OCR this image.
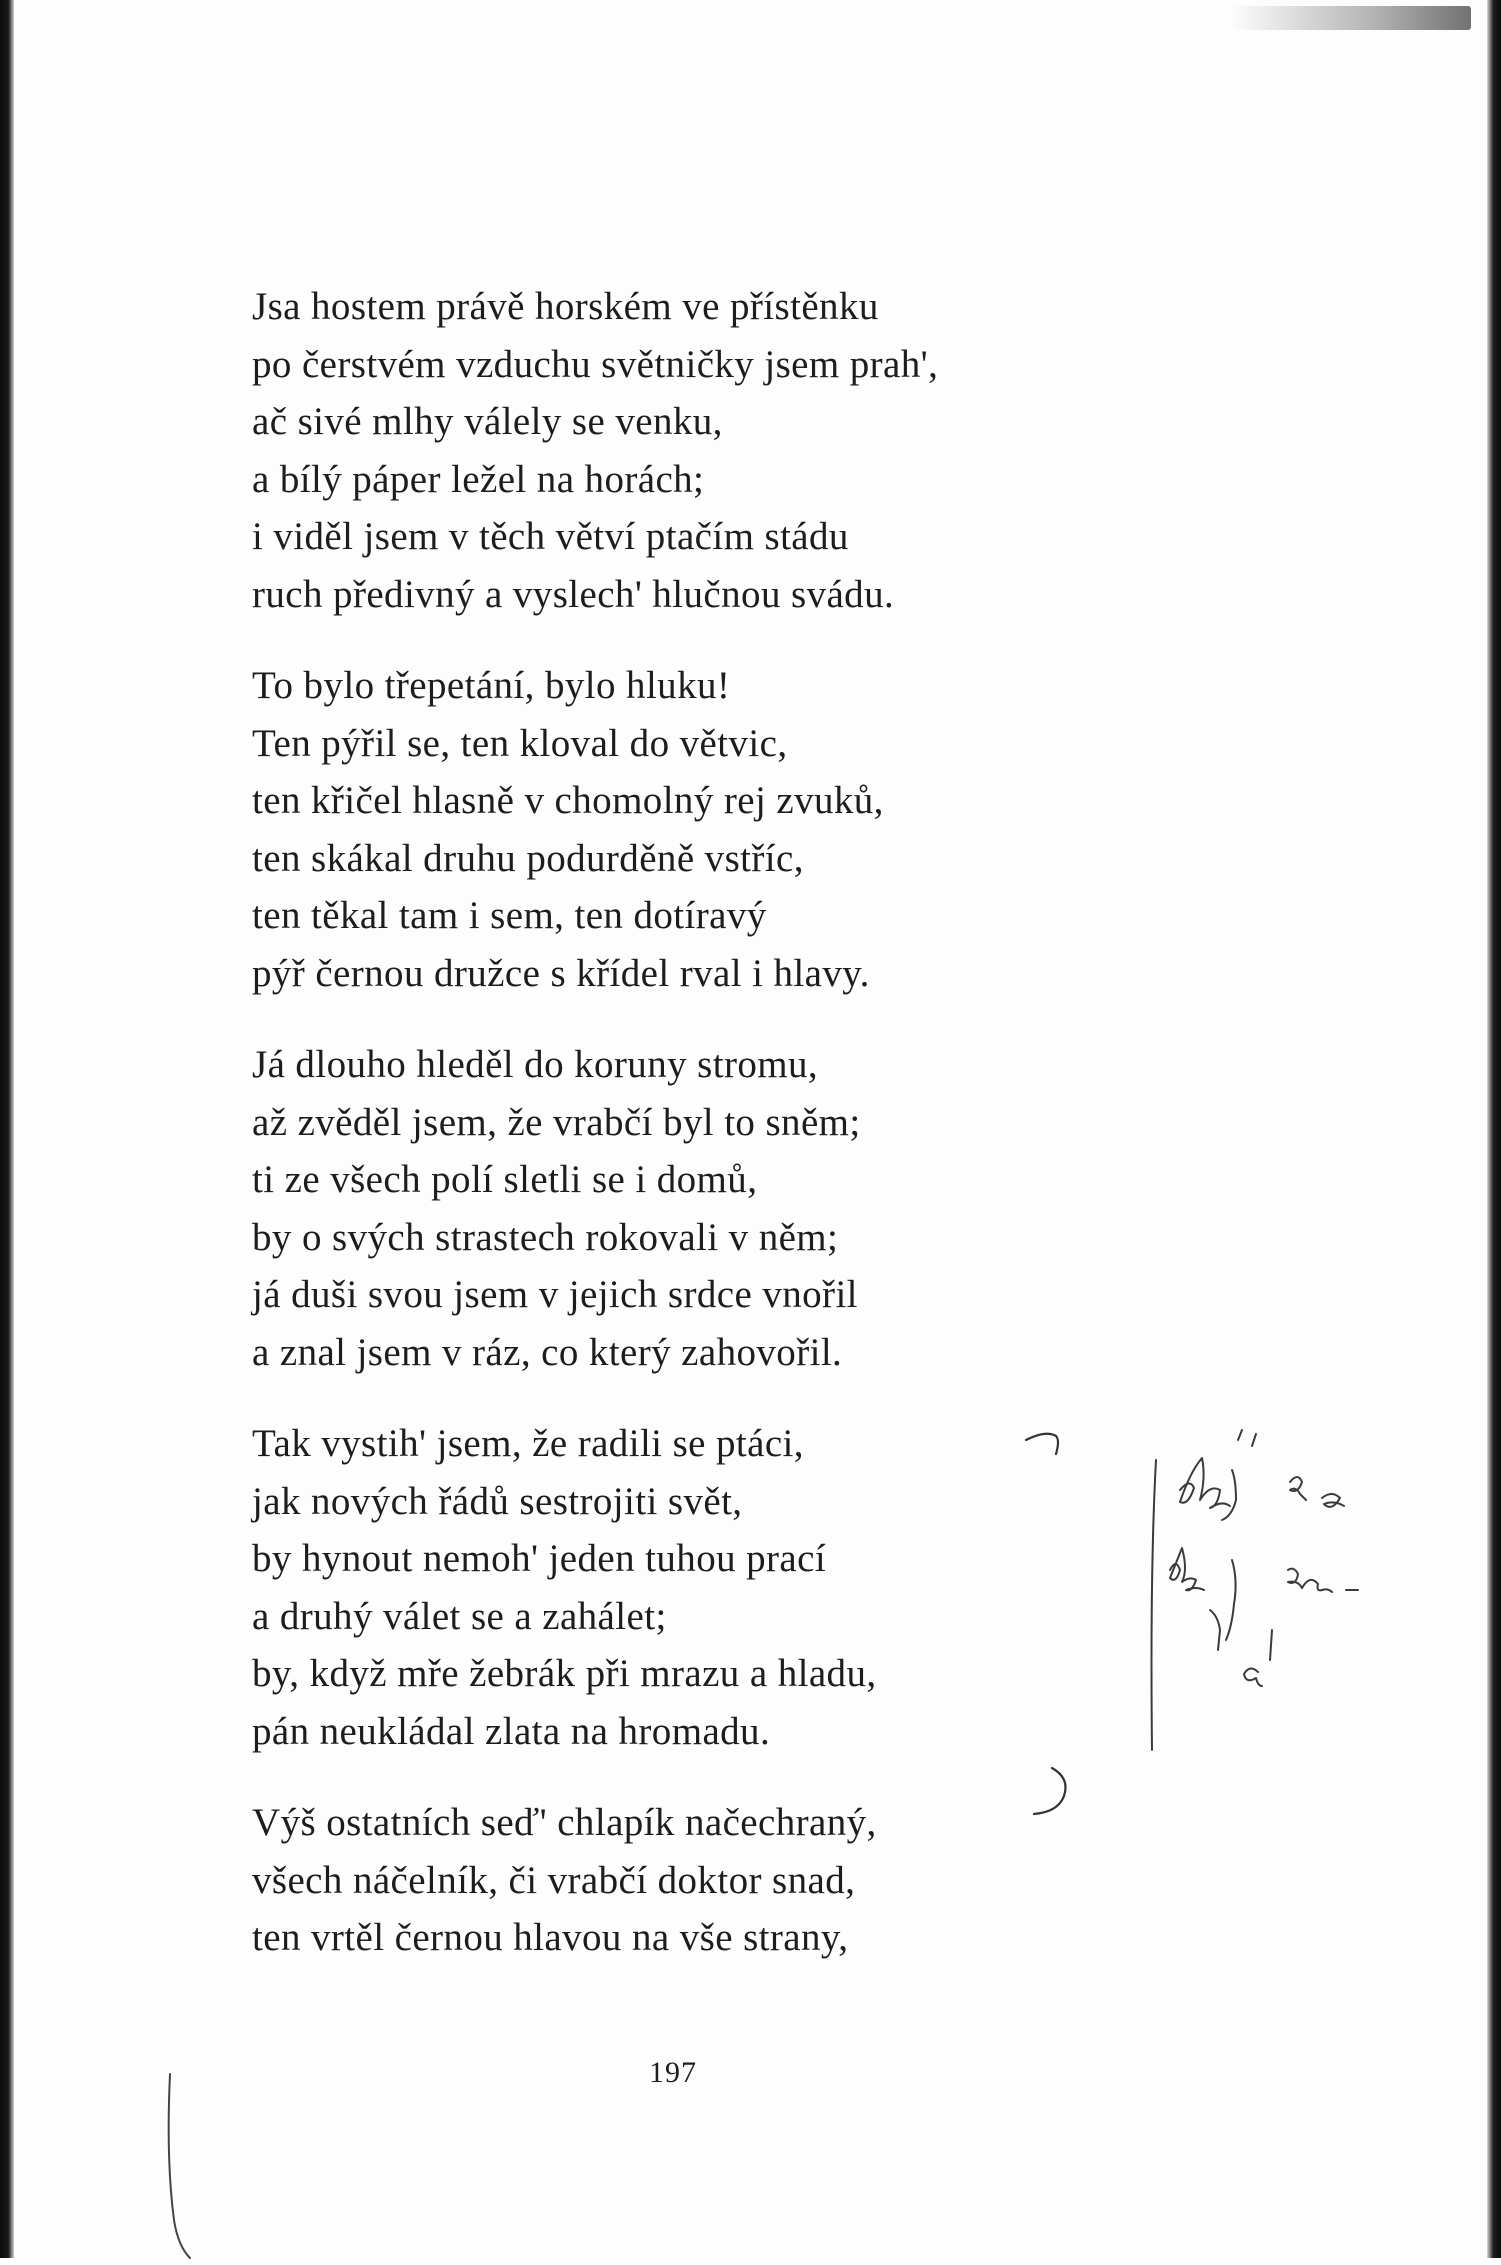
Jsa hostem právě horském ve přístěnku
po čerstvém vzduchu světničky jsem prah',
ač sivé mlhy válely se venku,
a bílý páper ležel na horách;
i viděl jsem v těch větví ptačím stádu
ruch předivný a vyslech' hlučnou svádu.
To bylo třepetání, bylo hluku!
Ten pýřil se, ten kloval do větvic,
ten křičel hlasně v chomolný rej zvuků,
ten skákal druhu podurděně vstříc,
ten těkal tam i sem, ten dotíravý
pýř černou družce s křídel rval i hlavy.
Já dlouho hleděl do koruny stromu,
až zvěděl jsem, že vrabčí byl to sněm;
ti ze všech polí sletli se i domů,
by o svých strastech rokovali v něm;
já duši svou jsem v jejich srdce vnořil
a znal jsem v ráz, co který zahovořil.
Tak vystih' jsem, že radili se ptáci,
jak nových řádů sestrojiti svět,
by hynout nemoh' jeden tuhou prací
a druhý válet se a zahálet;
by, když mře žebrák při mrazu a hladu,
pán neukládal zlata na hromadu.
Výš ostatních seď' chlapík načechraný,
všech náčelník, či vrabčí doktor snad,
ten vrtěl černou hlavou na vše strany,
197
